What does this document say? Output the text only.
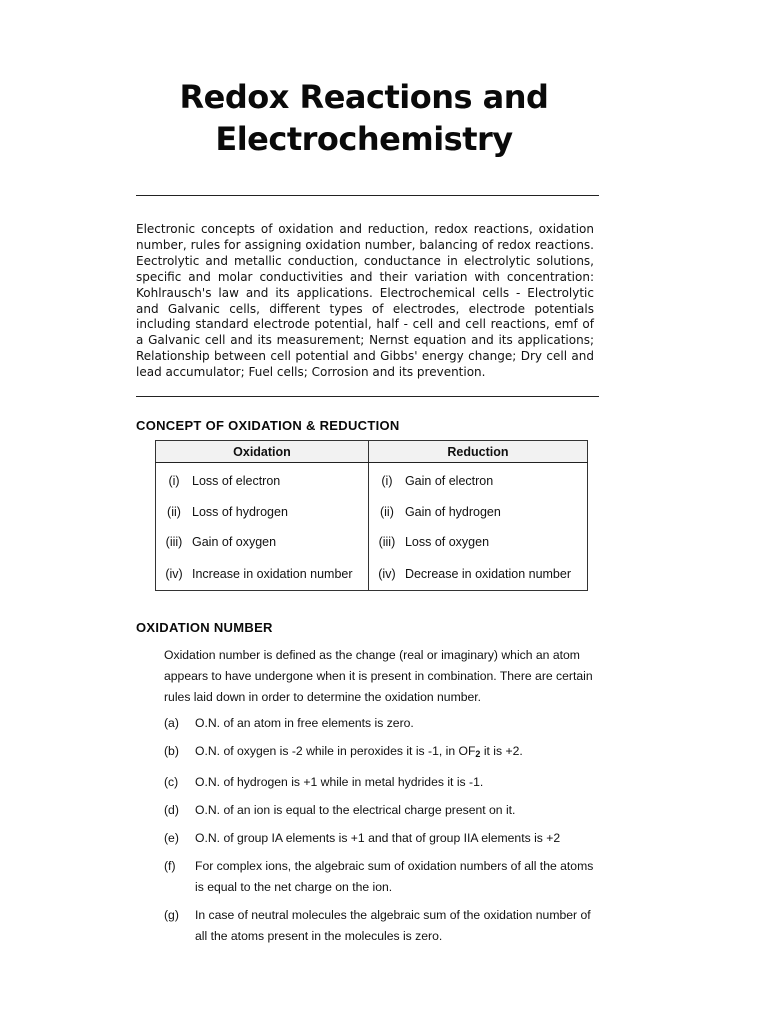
Redox Reactions and
Electrochemistry

Electronic concepts of oxidation and reduction, redox reactions, oxidation number, rules for assigning oxidation number, balancing of redox reactions. Eectrolytic and metallic conduction, conductance in electrolytic solutions, specific and molar conductivities and their variation with concentration: Kohlrausch's law and its applications. Electrochemical cells - Electrolytic and Galvanic cells, different types of electrodes, electrode potentials including standard electrode potential, half - cell and cell reactions, emf of a Galvanic cell and its measurement; Nernst equation and its applications; Relationship between cell potential and Gibbs' energy change; Dry cell and lead accumulator; Fuel cells; Corrosion and its prevention.

CONCEPT OF OXIDATION & REDUCTION
Oxidation		Reduction	
(i)	Loss of electron	(i)	Gain of electron
(ii)	Loss of hydrogen	(ii)	Gain of hydrogen
(iii)	Gain of oxygen	(iii)	Loss of oxygen
(iv)	Increase in oxidation number	(iv)	Decrease in oxidation number
OXIDATION NUMBER

Oxidation number is defined as the change (real or imaginary) which an atom appears to have undergone when it is present in combination. There are certain rules laid down in order to determine the oxidation number.

(a) O.N. of an atom in free elements is zero.
(b) O.N. of oxygen is -2 while in peroxides it is -1, in $OF_2$ it is +2.
(c) O.N. of hydrogen is +1 while in metal hydrides it is -1.
(d) O.N. of an ion is equal to the electrical charge present on it.
(e) O.N. of group IA elements is +1 and that of group IIA elements is +2
(f) For complex ions, the algebraic sum of oxidation numbers of all the atoms is equal to the net charge on the ion.
(g) In case of neutral molecules the algebraic sum of the oxidation number of all the atoms present in the molecules is zero.
